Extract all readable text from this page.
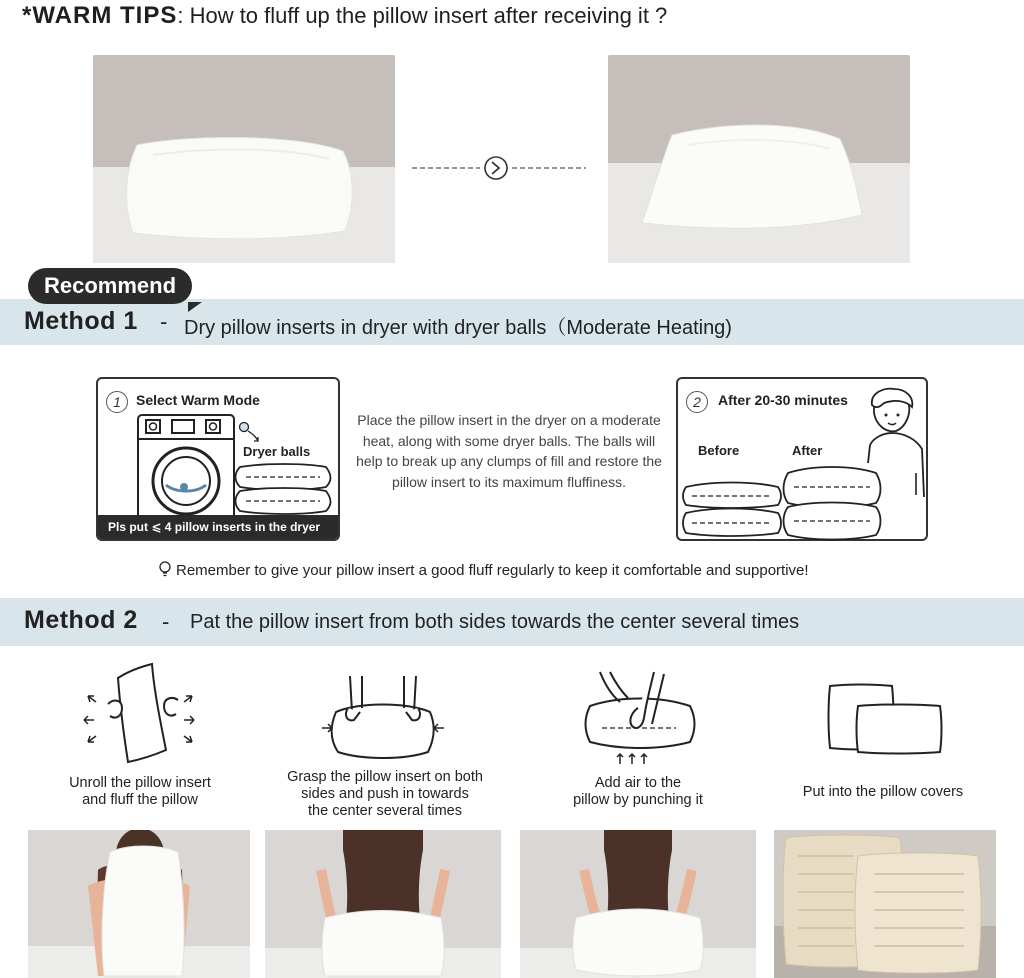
*WARM TIPS: How to fluff up the pillow insert after receiving it ?
Method 1 - Dry pillow inserts in dryer with dryer balls（Moderate Heating)
Recommend
1	Select Warm Mode
Dryer balls
Pls put ⩽ 4 pillow inserts in the dryer
Place the pillow insert in the dryer on a moderate heat, along with some dryer balls. The balls will help to break up any clumps of fill and restore the pillow insert to its maximum fluffiness.
2	After 20-30 minutes
Before	After
Remember to give your pillow insert a good fluff regularly to keep it comfortable and supportive!
Method 2 - Pat the pillow insert from both sides towards the center several times
Unroll the pillow insert
and fluff the pillow
Grasp the pillow insert on both
sides and push in towards
the center several times
Add air to the
pillow by punching it	Put into the pillow covers
